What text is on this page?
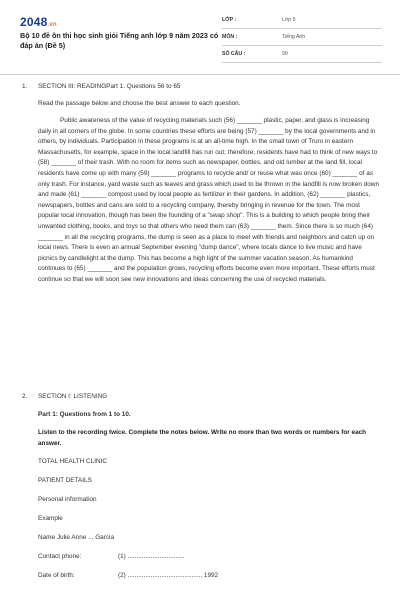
2048.vn
Bộ 10 đề ôn thi học sinh giỏi Tiếng anh lớp 9 năm 2023 có đáp án (Đề 5)
LỚP :	Lớp 9
MÔN :	Tiếng Anh
SỐ CÂU :	99
1. SECTION III: READINGPart 1. Questions 56 to 65
Read the passage below and choose the best answer to each question.
Public awareness of the value of recycling materials such (56) _______ plastic, paper, and glass is increasing daily in all corners of the globe. In some countries these efforts are being (57) _______ by the local governments and in others, by individuals. Participation in these programs is at an all-time high. In the small town of Truro in eastern Massachusetts, for example, space in the local landfill has run out; therefore, residents have had to think of new ways to (58) _______ of their trash. With no room for items such as newspaper, bottles, and old lumber at the land fill, local residents have come up with many (59) _______ programs to recycle and/ or reuse what was once (60) _______ of as only trash. For instance, yard waste such as leaves and grass which used to be thrown in the landfill is now broken down and made (61) _______ compost used by local people as fertilizer in their gardens. In addition, (62) _______ plastics, newspapers, bottles and cans are sold to a recycling company, thereby bringing in revenue for the town. The most popular local innovation, though has been the founding of a "swap shop". This is a building to which people bring their unwanted clothing, books, and toys so that others who need them can (63) _______ them. Since there is so much (64) _______ in all the recycling programs, the dump is seen as a place to meet with friends and neighbors and catch up on local news. There is even an annual September evening "dump dance", where locals dance to live music and have picnics by candlelight at the dump. This has become a high light of the summer vacation season. As humankind continues to (65) _______ and the population grows, recycling efforts become even more important. These efforts must continue so that we will soon see new innovations and ideas concerning the use of recycled materials.
2. SECTION I: LISTENING
Part 1: Questions from 1 to 10.
Listen to the recording twice. Complete the notes below. Write no more than two words or numbers for each answer.
TOTAL HEALTH CLINIC
PATIENT DETAILS
Personal information
Example
Name Julie Anne ... Garcia
Contact phone:	(1) ................................
Date of birth:	(2) ........................................., 1992
